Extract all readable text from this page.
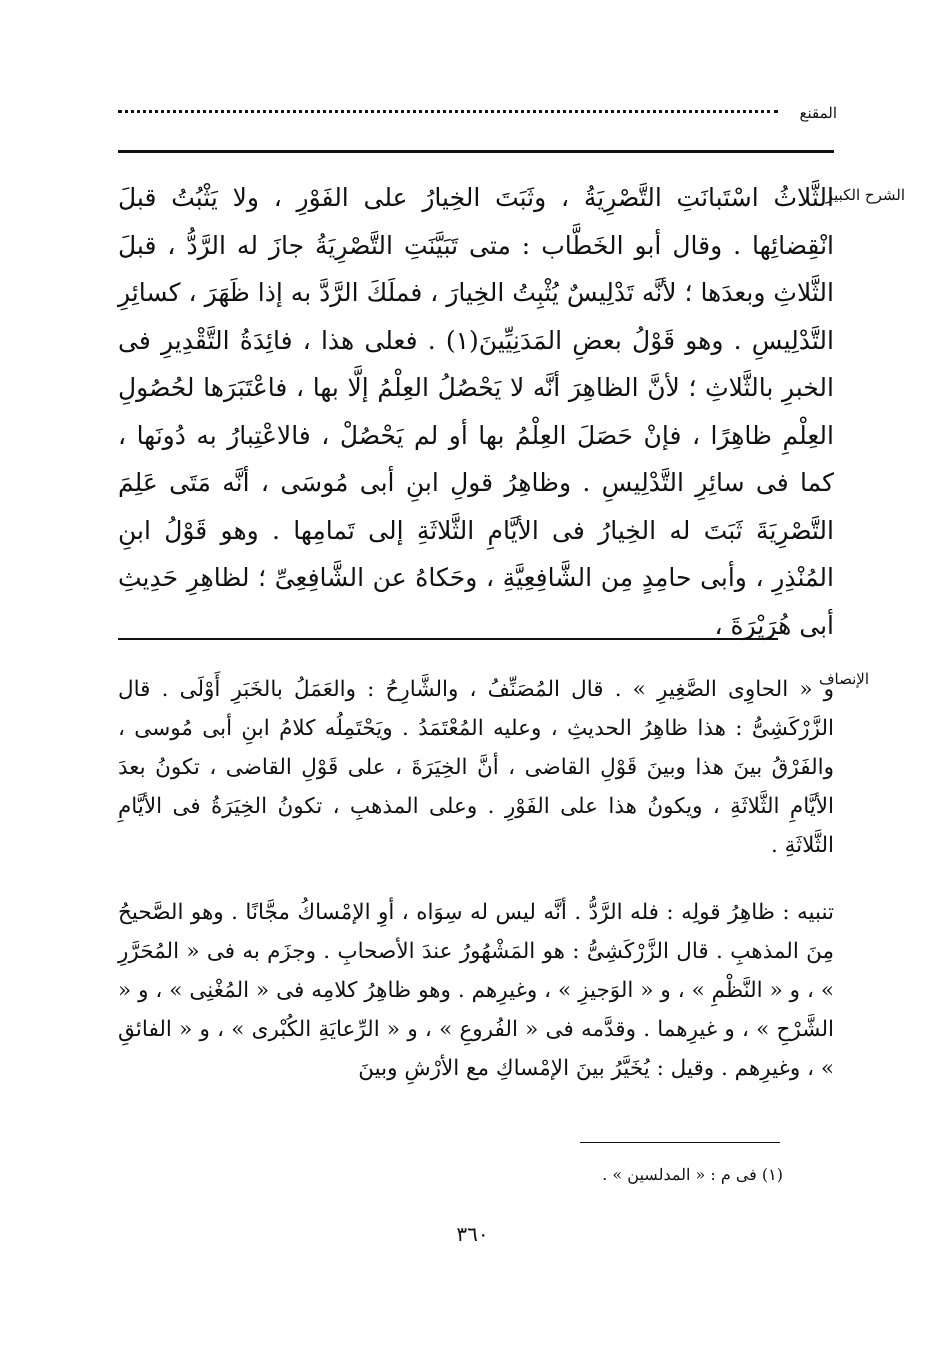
المقنع
الشرح الكبير

الثَّلاثُ اسْتَبانَتِ التَّصْرِيَةُ ، وثَبَتَ الخِيارُ على الفَوْرِ ، ولا يَثْبُتُ قبلَ انْقِضائِها . وقال أبو الخَطَّاب : متى تَبَيَّنَتِ التَّصْرِيَةُ جازَ له الرَّدُّ ، قبلَ الثَّلاثِ وبعدَها ؛ لأنَّه تَدْلِيسٌ يُثْبِتُ الخِيارَ ، فملَكَ الرَّدَّ به إذا ظَهَرَ ، كسائِرِ التَّدْلِيسِ . وهو قَوْلُ بعضِ المَدَنِيِّينَ(١) . فعلى هذا ، فائِدَةُ التَّقْدِيرِ فى الخبرِ بالثَّلاثِ ؛ لأنَّ الظاهِرَ أنَّه لا يَحْصُلُ العِلْمُ إلَّا بها ، فاعْتَبَرَها لحُصُولِ العِلْمِ ظاهِرًا ، فإنْ حَصَلَ العِلْمُ بها أو لم يَحْصُلْ ، فالاعْتِبارُ به دُونَها ، كما فى سائِرِ التَّدْلِيسِ . وظاهِرُ قولِ ابنِ أبى مُوسَى ، أنَّه مَتَى عَلِمَ التَّصْرِيَةَ ثَبَتَ له الخِيارُ فى الأيَّامِ الثَّلاثَةِ إلى تَمامِها . وهو قَوْلُ ابنِ المُنْذِرِ ، وأبى حامِدٍ مِن الشَّافِعِيَّةِ ، وحَكاهُ عن الشَّافِعِىِّ ؛ لظاهِرِ حَدِيثِ أبى هُرَيْرَةَ ،

الإنصاف

و « الحاوِى الصَّغِيرِ » . قال المُصَنِّفُ ، والشَّارِحُ : والعَمَلُ بالخَبَرِ أَوْلَى . قال الزَّرْكَشِىُّ : هذا ظاهِرُ الحديثِ ، وعليه المُعْتَمَدُ . ويَحْتَمِلُه كلامُ ابنِ أبى مُوسى ، والفَرْقُ بينَ هذا وبينَ قَوْلِ القاضى ، أنَّ الخِيَرَةَ ، على قَوْلِ القاضى ، تكونُ بعدَ الأيَّامِ الثَّلاثَةِ ، ويكونُ هذا على الفَوْرِ . وعلى المذهبِ ، تكونُ الخِيَرَةُ فى الأيَّامِ الثَّلاثَةِ .

تنبيه : ظاهِرُ قولِه : فله الرَّدُّ . أنَّه ليس له سِوَاه ، أوِ الإمْساكُ مجَّانًا . وهو الصَّحيحُ مِنَ المذهبِ . قال الزَّرْكَشِىُّ : هو المَشْهُورُ عندَ الأصحابِ . وجزَم به فى « المُحَرَّرِ » ، و « النَّظْمِ » ، و « الوَجيزِ » ، وغيرِهم . وهو ظاهِرُ كلامِه فى « المُغْنِى » ، و « الشَّرْحِ » ، و غيرِهما . وقدَّمه فى « الفُروعِ » ، و « الرِّعايَةِ الكُبْرى » ، و « الفائقِ » ، وغيرِهم . وقيل : يُخَيَّرُ بينَ الإمْساكِ مع الأرْشِ وبينَ

(١) فى م : « المدلسين » .
٣٦٠
